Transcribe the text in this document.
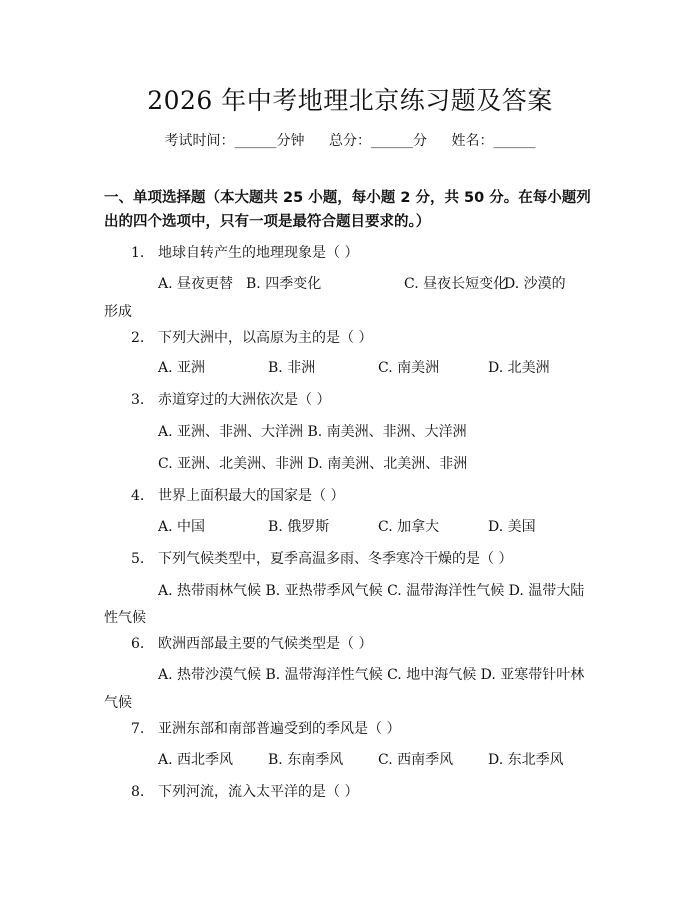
2026 年中考地理北京练习题及答案
考试时间：______分钟 总分：______分 姓名：______
一、单项选择题（本大题共 25 小题，每小题 2 分，共 50 分。在每小题列出的四个选项中，只有一项是最符合题目要求的。）
1. 地球自转产生的地理现象是（ ）
A. 昼夜更替 B. 四季变化	C. 昼夜长短变化D. 沙漠的
形成
2. 下列大洲中，以高原为主的是（ ）
A. 亚洲	B. 非洲	C. 南美洲	D. 北美洲
3. 赤道穿过的大洲依次是（ ）
A. 亚洲、非洲、大洋洲 B. 南美洲、非洲、大洋洲
C. 亚洲、北美洲、非洲 D. 南美洲、北美洲、非洲
4. 世界上面积最大的国家是（ ）
A. 中国	B. 俄罗斯	C. 加拿大	D. 美国
5. 下列气候类型中，夏季高温多雨、冬季寒冷干燥的是（ ）
A. 热带雨林气候 B. 亚热带季风气候 C. 温带海洋性气候 D. 温带大陆
性气候
6. 欧洲西部最主要的气候类型是（ ）
A. 热带沙漠气候 B. 温带海洋性气候 C. 地中海气候 D. 亚寒带针叶林
气候
7. 亚洲东部和南部普遍受到的季风是（ ）
A. 西北季风 B. 东南季风 C. 西南季风 D. 东北季风
8. 下列河流，流入太平洋的是（ ）
